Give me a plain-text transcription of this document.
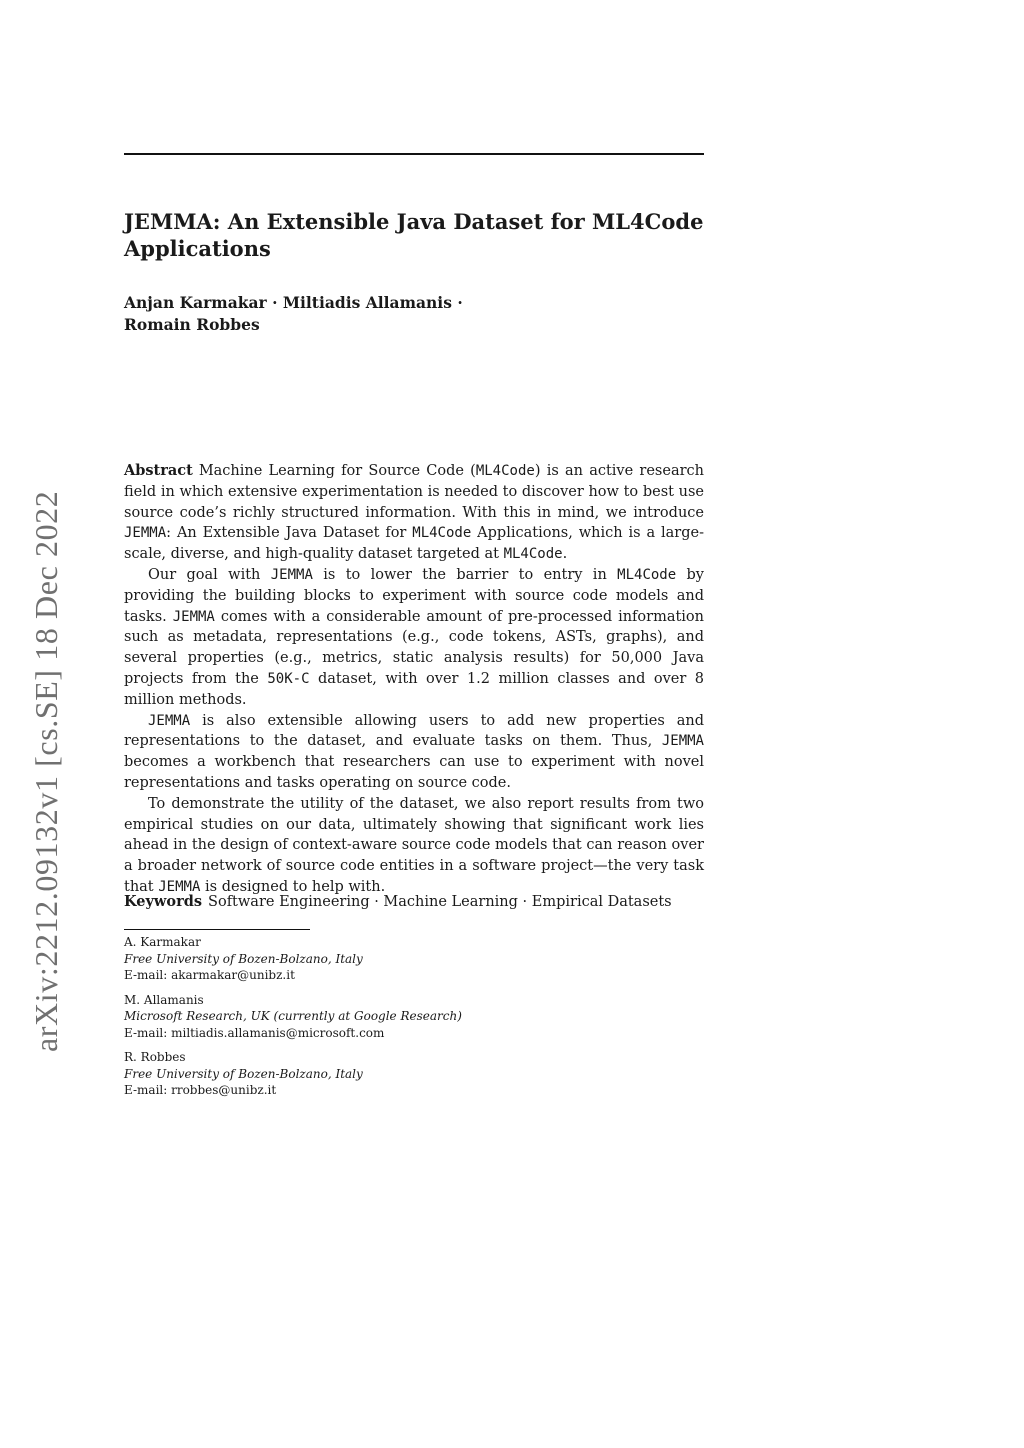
JEMMA: An Extensible Java Dataset for ML4Code Applications
Anjan Karmakar · Miltiadis Allamanis ·
Romain Robbes
arXiv:2212.09132v1 [cs.SE] 18 Dec 2022

Abstract Machine Learning for Source Code (ML4Code) is an active research field in which extensive experimentation is needed to discover how to best use source code’s richly structured information. With this in mind, we introduce JEMMA: An Extensible Java Dataset for ML4Code Applications, which is a large-scale, diverse, and high-quality dataset targeted at ML4Code.

Our goal with JEMMA is to lower the barrier to entry in ML4Code by providing the building blocks to experiment with source code models and tasks. JEMMA comes with a considerable amount of pre-processed information such as metadata, representations (e.g., code tokens, ASTs, graphs), and several properties (e.g., metrics, static analysis results) for 50,000 Java projects from the 50K-C dataset, with over 1.2 million classes and over 8 million methods.

JEMMA is also extensible allowing users to add new properties and representations to the dataset, and evaluate tasks on them. Thus, JEMMA becomes a workbench that researchers can use to experiment with novel representations and tasks operating on source code.

To demonstrate the utility of the dataset, we also report results from two empirical studies on our data, ultimately showing that significant work lies ahead in the design of context-aware source code models that can reason over a broader network of source code entities in a software project—the very task that JEMMA is designed to help with.

Keywords Software Engineering · Machine Learning · Empirical Datasets
A. Karmakar
Free University of Bozen-Bolzano, Italy
E-mail: akarmakar@unibz.it
M. Allamanis
Microsoft Research, UK (currently at Google Research)
E-mail: miltiadis.allamanis@microsoft.com
R. Robbes
Free University of Bozen-Bolzano, Italy
E-mail: rrobbes@unibz.it
